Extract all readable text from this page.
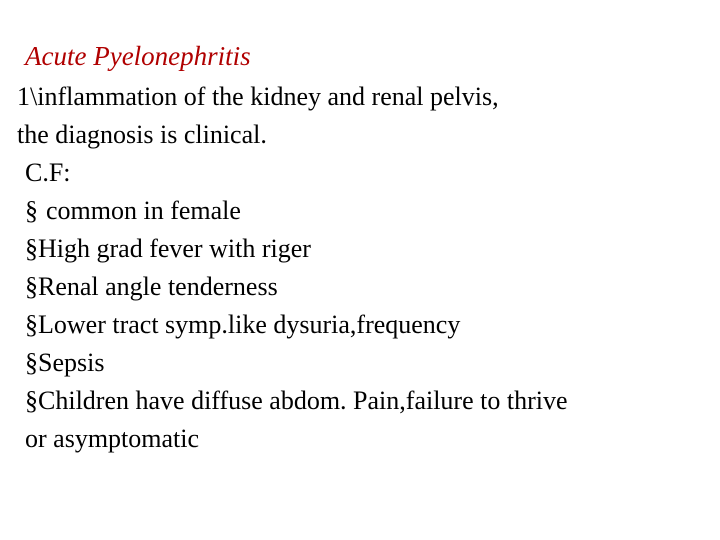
Acute Pyelonephritis
1\inflammation of the kidney and renal pelvis,
the diagnosis is clinical.
C.F:
§ common in female
§High grad fever with riger
§Renal angle tenderness
§Lower tract symp.like dysuria,frequency
§Sepsis
§Children have diffuse abdom. Pain,failure to thrive
or asymptomatic
